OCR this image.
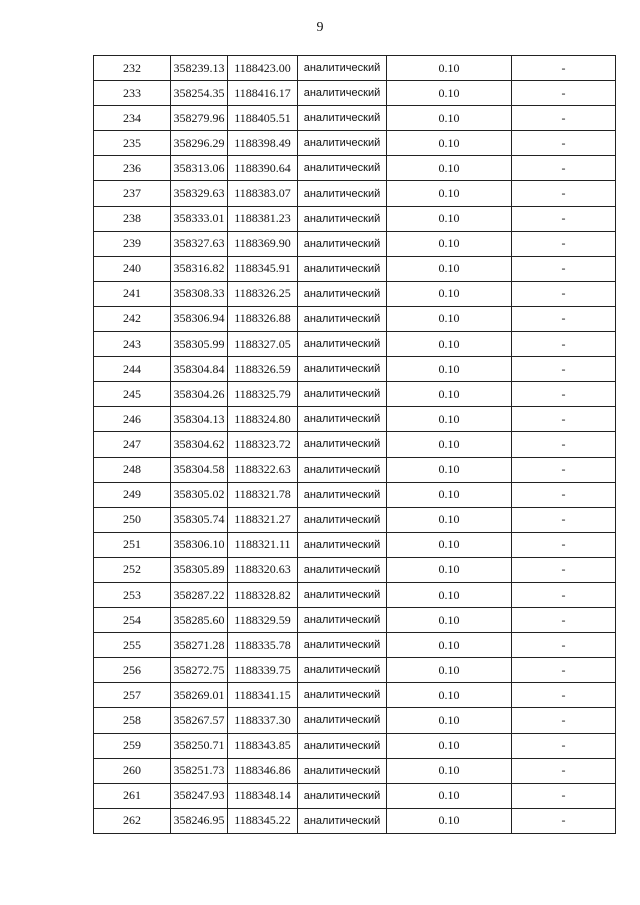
9
232	358239.13	1188423.00	аналитический	0.10	-
233	358254.35	1188416.17	аналитический	0.10	-
234	358279.96	1188405.51	аналитический	0.10	-
235	358296.29	1188398.49	аналитический	0.10	-
236	358313.06	1188390.64	аналитический	0.10	-
237	358329.63	1188383.07	аналитический	0.10	-
238	358333.01	1188381.23	аналитический	0.10	-
239	358327.63	1188369.90	аналитический	0.10	-
240	358316.82	1188345.91	аналитический	0.10	-
241	358308.33	1188326.25	аналитический	0.10	-
242	358306.94	1188326.88	аналитический	0.10	-
243	358305.99	1188327.05	аналитический	0.10	-
244	358304.84	1188326.59	аналитический	0.10	-
245	358304.26	1188325.79	аналитический	0.10	-
246	358304.13	1188324.80	аналитический	0.10	-
247	358304.62	1188323.72	аналитический	0.10	-
248	358304.58	1188322.63	аналитический	0.10	-
249	358305.02	1188321.78	аналитический	0.10	-
250	358305.74	1188321.27	аналитический	0.10	-
251	358306.10	1188321.11	аналитический	0.10	-
252	358305.89	1188320.63	аналитический	0.10	-
253	358287.22	1188328.82	аналитический	0.10	-
254	358285.60	1188329.59	аналитический	0.10	-
255	358271.28	1188335.78	аналитический	0.10	-
256	358272.75	1188339.75	аналитический	0.10	-
257	358269.01	1188341.15	аналитический	0.10	-
258	358267.57	1188337.30	аналитический	0.10	-
259	358250.71	1188343.85	аналитический	0.10	-
260	358251.73	1188346.86	аналитический	0.10	-
261	358247.93	1188348.14	аналитический	0.10	-
262	358246.95	1188345.22	аналитический	0.10	-
